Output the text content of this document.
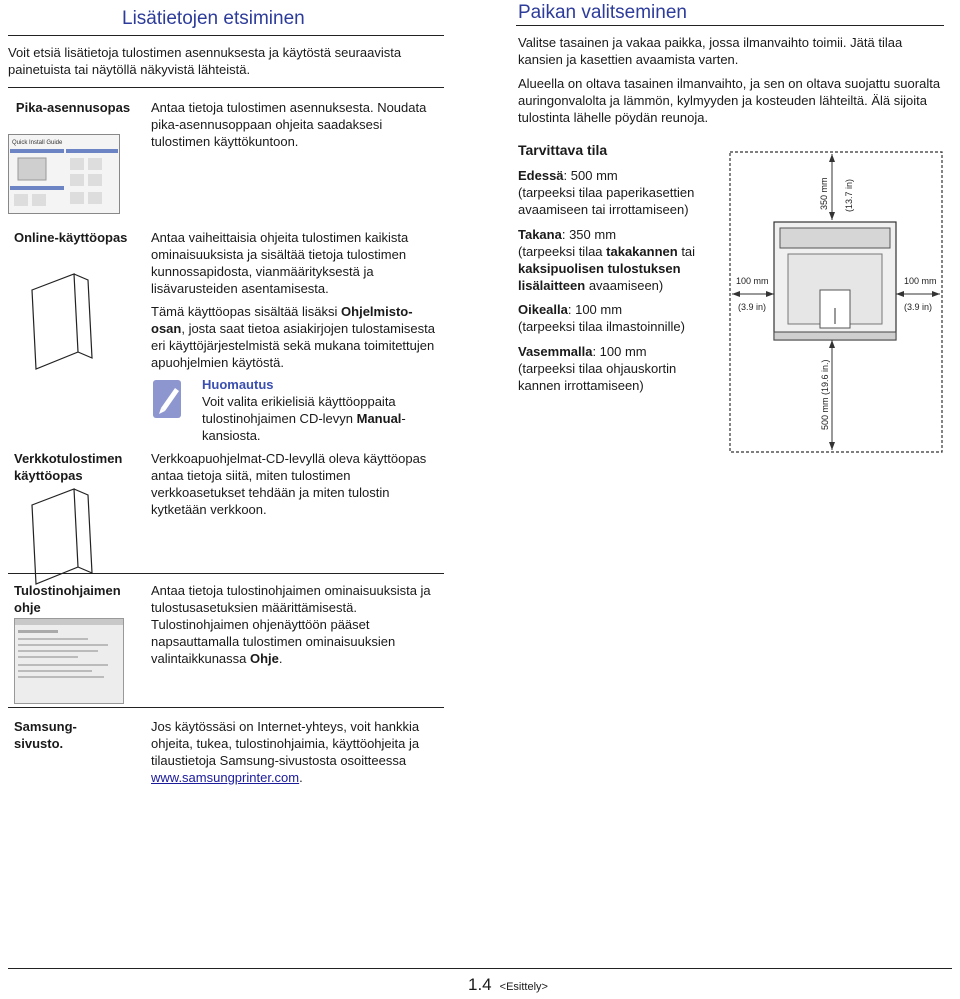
Lisätietojen etsiminen
Voit etsiä lisätietoja tulostimen asennuksesta ja käytöstä seuraavista painetuista tai näytöllä näkyvistä lähteistä.
Pika-asennusopas
Quick Install Guide
Antaa tietoja tulostimen asennuksesta. Noudata pika-asennusoppaan ohjeita saadaksesi tulostimen käyttökuntoon.
Online-käyttöopas	Antaa vaiheittaisia ohjeita tulostimen kaikista ominaisuuksista ja sisältää tietoja tulostimen kunnossapidosta, vianmäärityksestä ja lisävarusteiden asentamisesta.

Tämä käyttöopas sisältää lisäksi Ohjelmisto-osan, josta saat tietoa asiakirjojen tulostamisesta eri käyttöjärjestelmistä sekä mukana toimitettujen apuohjelmien käytöstä.

Huomautus
Voit valita erikielisiä käyttöoppaita tulostinohjaimen CD-levyn Manual-kansiosta.
Verkkotulostimen käyttöopas
Verkkoapuohjelmat-CD-levyllä oleva käyttöopas antaa tietoja siitä, miten tulostimen verkkoasetukset tehdään ja miten tulostin kytketään verkkoon.
Tulostinohjaimen ohje
Antaa tietoja tulostinohjaimen ominaisuuksista ja tulostusasetuksien määrittämisestä. Tulostinohjaimen ohjenäyttöön pääset napsauttamalla tulostimen ominaisuuksien valintaikkunassa Ohje.
Samsung-sivusto.
Jos käytössäsi on Internet-yhteys, voit hankkia ohjeita, tukea, tulostinohjaimia, käyttöohjeita ja tilaustietoja Samsung-sivustosta osoitteessa www.samsungprinter.com.
Paikan valitseminen
Valitse tasainen ja vakaa paikka, jossa ilmanvaihto toimii. Jätä tilaa kansien ja kasettien avaamista varten.
Alueella on oltava tasainen ilmanvaihto, ja sen on oltava suojattu suoralta auringonvalolta ja lämmön, kylmyyden ja kosteuden lähteiltä. Älä sijoita tulostinta lähelle pöydän reunoja.
Tarvittava tila
Edessä: 500 mm
(tarpeeksi tilaa paperikasettien avaamiseen tai irrottamiseen)
Takana: 350 mm
(tarpeeksi tilaa takakannen tai kaksipuolisen tulostuksen lisälaitteen avaamiseen)
Oikealla: 100 mm
(tarpeeksi tilaa ilmastoinnille)
Vasemmalla: 100 mm
(tarpeeksi tilaa ohjauskortin kannen irrottamiseen)
350 mm (13.7 in)
100 mm
(3.9 in)
100 mm
(3.9 in)
500 mm (19.6 in.)
1.4 <Esittely>
